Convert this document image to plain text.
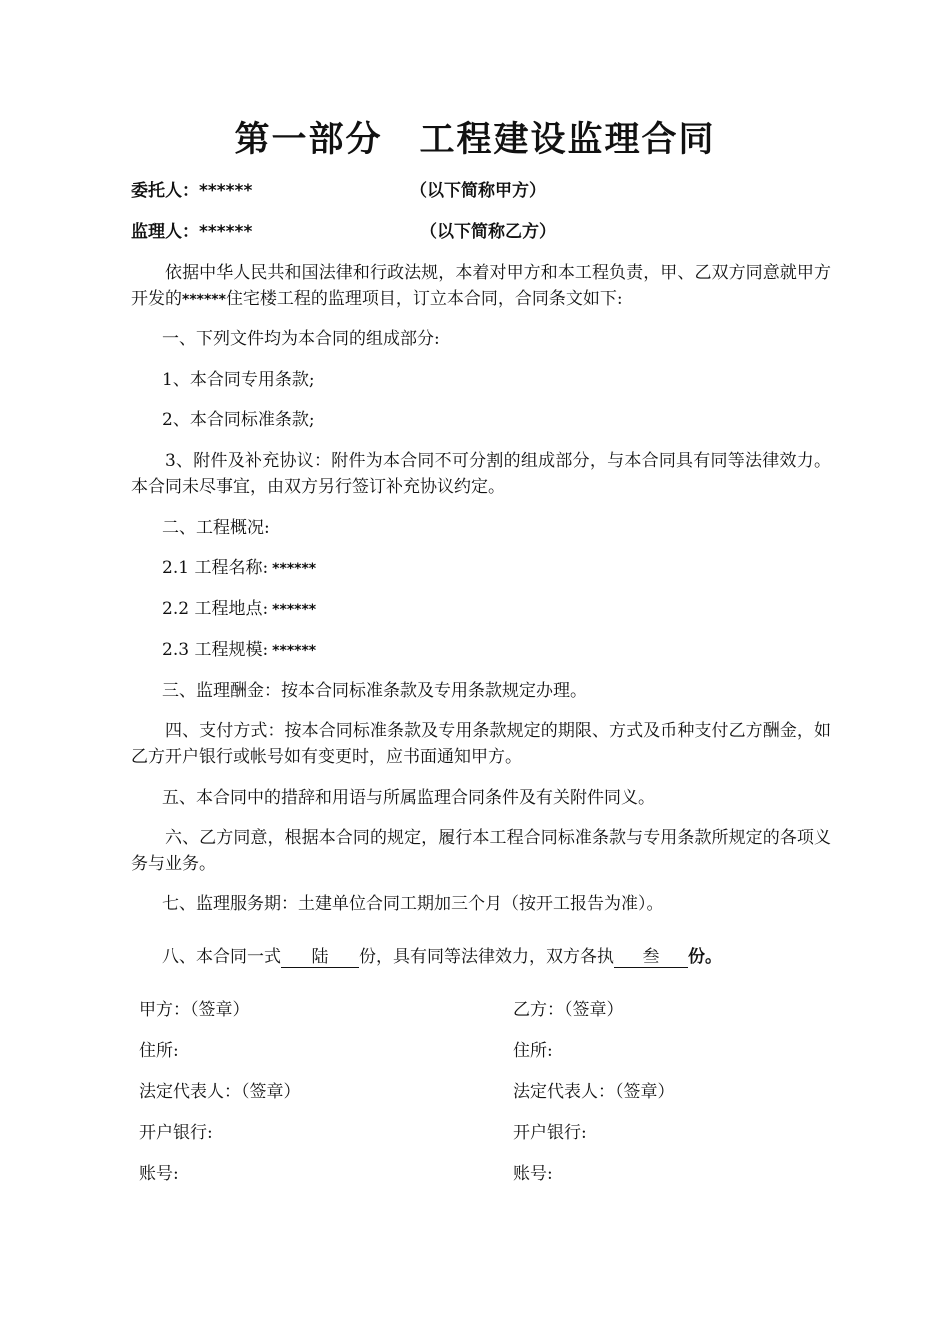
第一部分　工程建设监理合同
委托人：******	（以下简称甲方）
监理人：******	（以下简称乙方）
依据中华人民共和国法律和行政法规，本着对甲方和本工程负责，甲、乙双方同意就甲方开发的******住宅楼工程的监理项目，订立本合同，合同条文如下:
一、下列文件均为本合同的组成部分:
1、本合同专用条款;
2、本合同标准条款;
3、附件及补充协议：附件为本合同不可分割的组成部分，与本合同具有同等法律效力。本合同未尽事宜，由双方另行签订补充协议约定。
二、工程概况:
2.1 工程名称: ******
2.2 工程地点: ******
2.3 工程规模: ******
三、监理酬金：按本合同标准条款及专用条款规定办理。
四、支付方式：按本合同标准条款及专用条款规定的期限、方式及币种支付乙方酬金，如乙方开户银行或帐号如有变更时，应书面通知甲方。
五、本合同中的措辞和用语与所属监理合同条件及有关附件同义。
六、乙方同意，根据本合同的规定，履行本工程合同标准条款与专用条款所规定的各项义务与业务。
七、监理服务期：土建单位合同工期加三个月（按开工报告为准）。
八、本合同一式 陆 份，具有同等法律效力，双方各执 叁 份。
甲方：（签章）
住所:
法定代表人：（签章）
开户银行:
账号:
乙方：（签章）
住所:
法定代表人：（签章）
开户银行:
账号:
